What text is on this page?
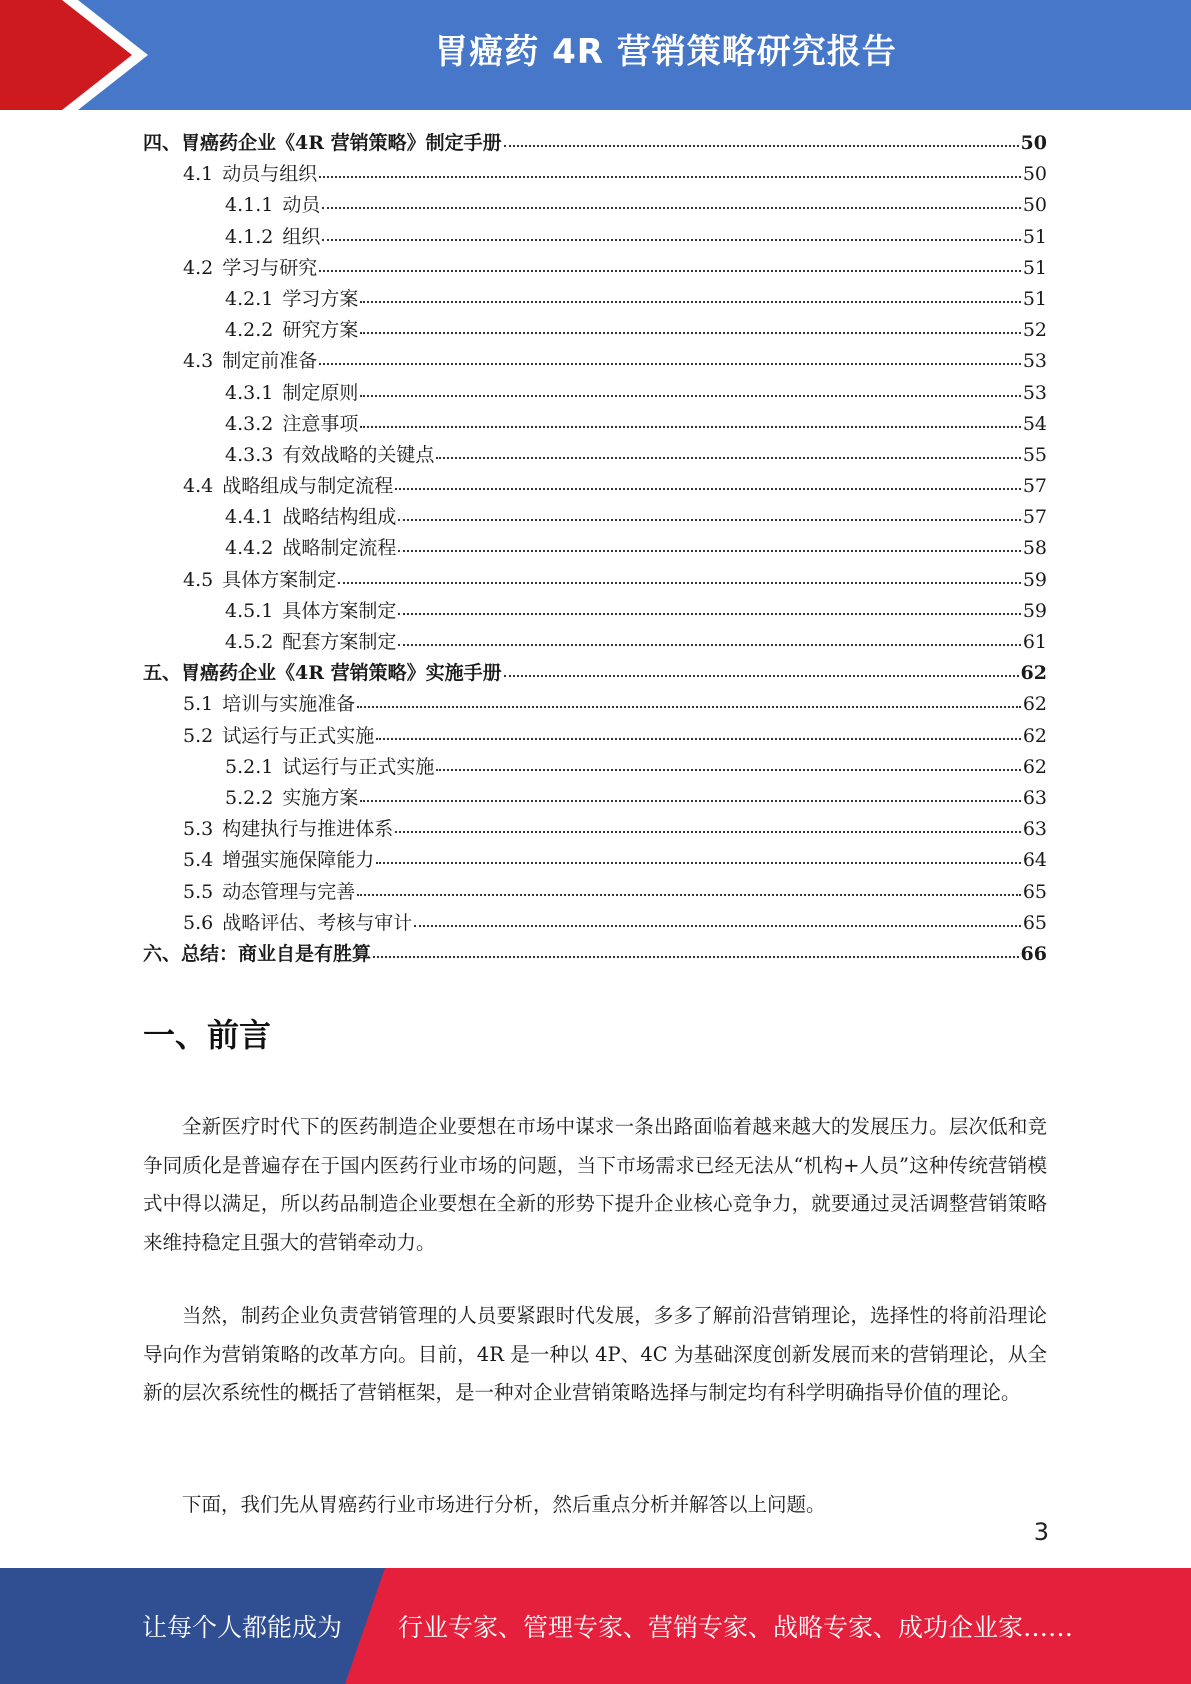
胃癌药 4R 营销策略研究报告
四、胃癌药企业《4R 营销策略》制定手册	50
4.1 动员与组织	50
4.1.1 动员	50
4.1.2 组织	51
4.2 学习与研究	51
4.2.1 学习方案	51
4.2.2 研究方案	52
4.3 制定前准备	53
4.3.1 制定原则	53
4.3.2 注意事项	54
4.3.3 有效战略的关键点	55
4.4 战略组成与制定流程	57
4.4.1 战略结构组成	57
4.4.2 战略制定流程	58
4.5 具体方案制定	59
4.5.1 具体方案制定	59
4.5.2 配套方案制定	61
五、胃癌药企业《4R 营销策略》实施手册	62
5.1 培训与实施准备	62
5.2 试运行与正式实施	62
5.2.1 试运行与正式实施	62
5.2.2 实施方案	63
5.3 构建执行与推进体系	63
5.4 增强实施保障能力	64
5.5 动态管理与完善	65
5.6 战略评估、考核与审计	65
六、总结：商业自是有胜算	66
一、前言

全新医疗时代下的医药制造企业要想在市场中谋求一条出路面临着越来越大的发展压力。层次低和竞争同质化是普遍存在于国内医药行业市场的问题，当下市场需求已经无法从“机构+人员”这种传统营销模式中得以满足，所以药品制造企业要想在全新的形势下提升企业核心竞争力，就要通过灵活调整营销策略来维持稳定且强大的营销牵动力。

当然，制药企业负责营销管理的人员要紧跟时代发展，多多了解前沿营销理论，选择性的将前沿理论导向作为营销策略的改革方向。目前，4R 是一种以 4P、4C 为基础深度创新发展而来的营销理论，从全新的层次系统性的概括了营销框架，是一种对企业营销策略选择与制定均有科学明确指导价值的理论。

下面，我们先从胃癌药行业市场进行分析，然后重点分析并解答以上问题。

3
让每个人都能成为 行业专家、管理专家、营销专家、战略专家、成功企业家……
